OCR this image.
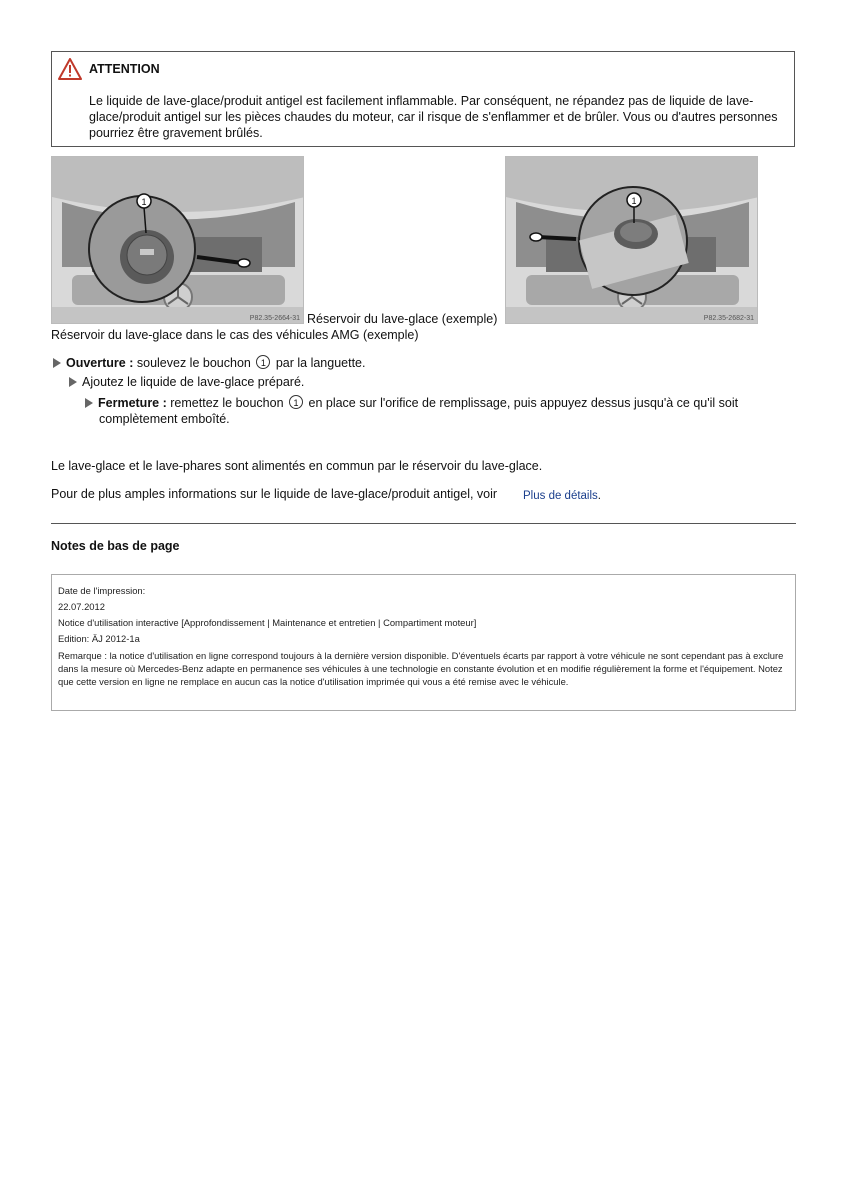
ATTENTION
Le liquide de lave-glace/produit antigel est facilement inflammable. Par conséquent, ne répandez pas de liquide de lave-glace/produit antigel sur les pièces chaudes du moteur, car il risque de s'enflammer et de brûler. Vous ou d'autres personnes pourriez être gravement brûlés.
1
P82.35-2664-31 Réservoir du lave-glace (exemple)
1
P82.35-2682-31
Réservoir du lave-glace dans le cas des véhicules AMG (exemple)
Ouverture : soulevez le bouchon 1 par la languette.
Ajoutez le liquide de lave-glace préparé.
Fermeture : remettez le bouchon 1 en place sur l'orifice de remplissage, puis appuyez dessus jusqu'à ce qu'il soit
complètement emboîté.
Le lave-glace et le lave-phares sont alimentés en commun par le réservoir du lave-glace.
Pour de plus amples informations sur le liquide de lave-glace/produit antigel, voir Plus de détails.
Notes de bas de page
Date de l'impression:
22.07.2012
Notice d'utilisation interactive [Approfondissement | Maintenance et entretien | Compartiment moteur]
Edition: ÄJ 2012-1a
Remarque : la notice d'utilisation en ligne correspond toujours à la dernière version disponible. D'éventuels écarts par rapport à votre véhicule ne sont cependant pas à exclure dans la mesure où Mercedes-Benz adapte en permanence ses véhicules à une technologie en constante évolution et en modifie régulièrement la forme et l'équipement. Notez que cette version en ligne ne remplace en aucun cas la notice d'utilisation imprimée qui vous a été remise avec le véhicule.
